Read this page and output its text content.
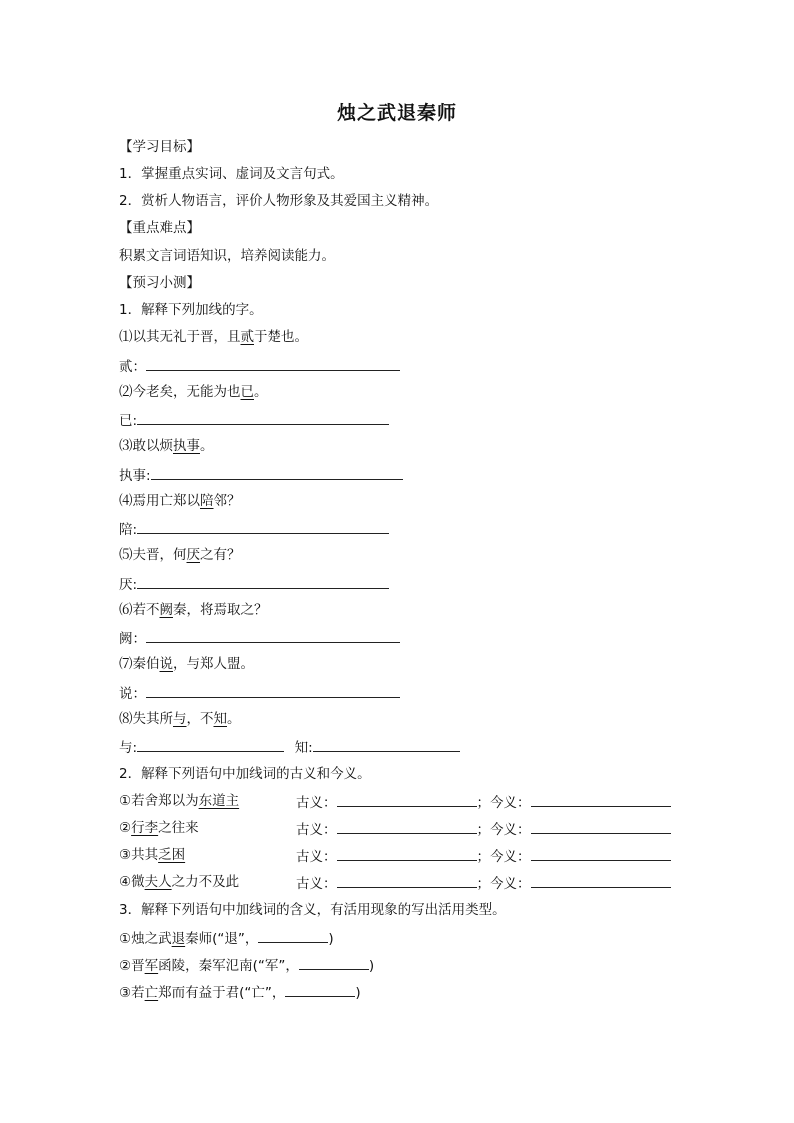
烛之武退秦师
【学习目标】
1．掌握重点实词、虚词及文言句式。
2．赏析人物语言，评价人物形象及其爱国主义精神。
【重点难点】
积累文言词语知识，培养阅读能力。
【预习小测】
1．解释下列加线的字。
⑴以其无礼于晋，且贰于楚也。
贰：
⑵今老矣，无能为也已。
已:
⑶敢以烦执事。
执事:
⑷焉用亡郑以陪邻？
陪:
⑸夫晋，何厌之有？
厌:
⑹若不阙秦，将焉取之？
阙：
⑺秦伯说，与郑人盟。
说：
⑻失其所与，不知。
与:	知:
2．解释下列语句中加线词的古义和今义。
①若舍郑以为东道主	古义：	；今义：
②行李之往来	古义：	；今义：
③共其乏困	古义：	；今义：
④微夫人之力不及此	古义：	；今义：
3．解释下列语句中加线词的含义，有活用现象的写出活用类型。
①烛之武退秦师(“退”，	)
②晋军函陵，秦军氾南(“军”，	)
③若亡郑而有益于君(“亡”，	)
